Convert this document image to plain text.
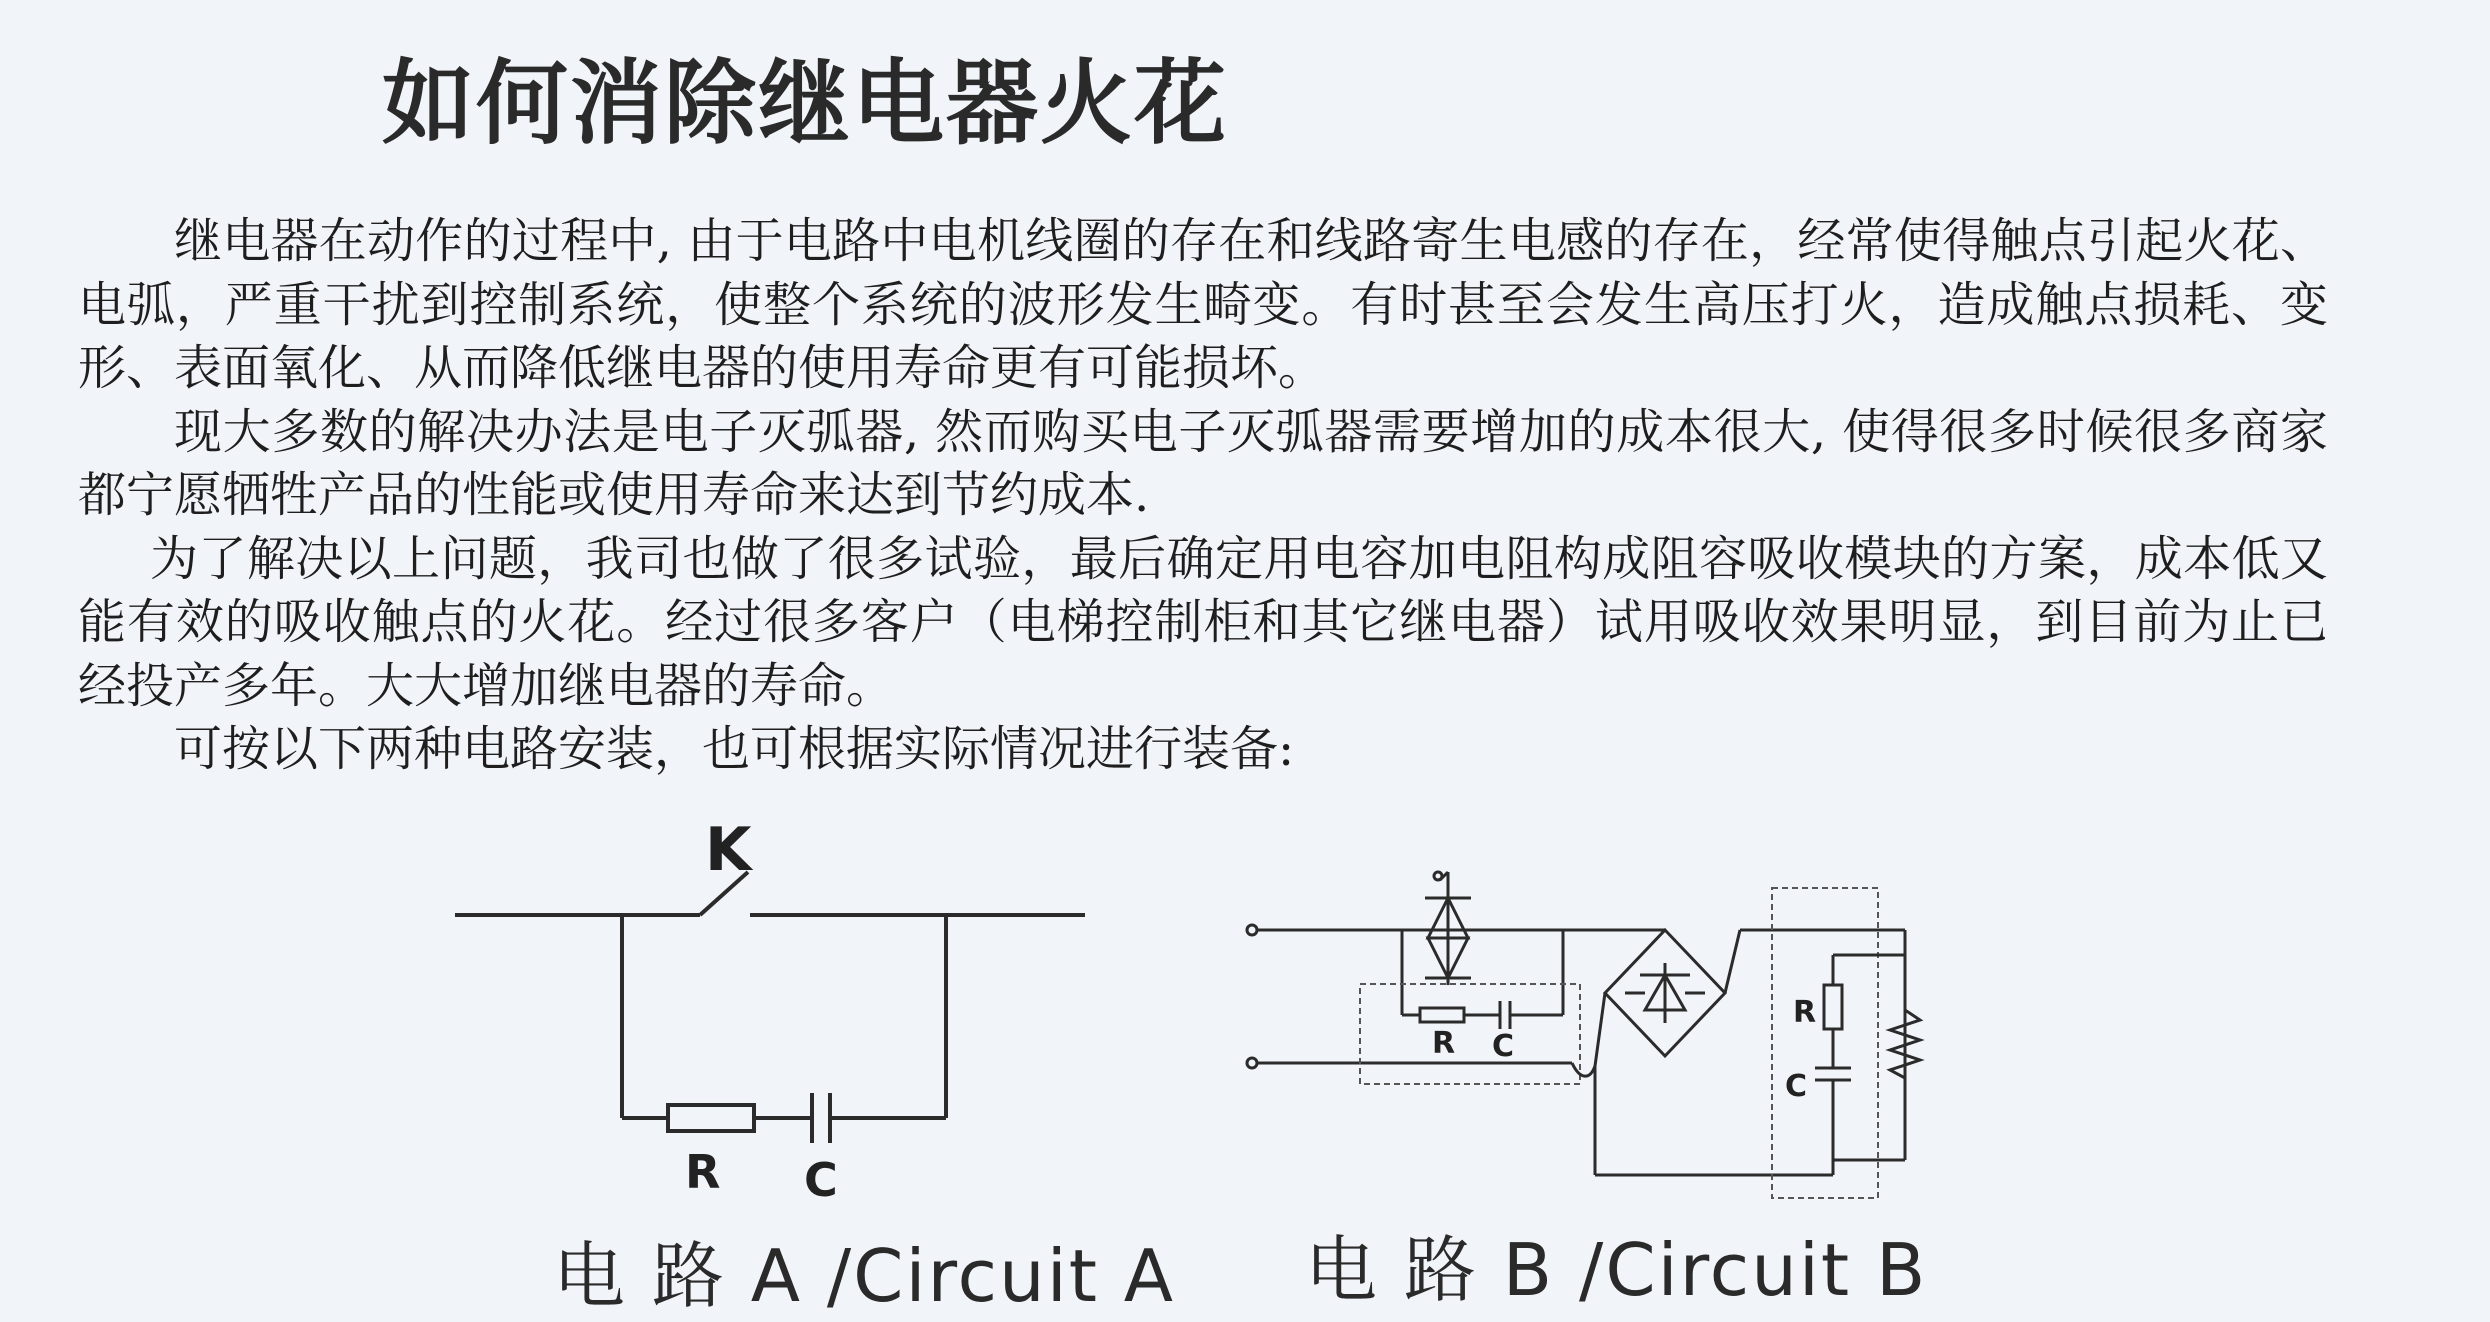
如何消除继电器火花

继电器在动作的过程中, 由于电路中电机线圈的存在和线路寄生电感的存在，经常使得触点引起火花、电弧，严重干扰到控制系统，使整个系统的波形发生畸变。有时甚至会发生高压打火，造成触点损耗、变形、表面氧化、从而降低继电器的使用寿命更有可能损坏。

现大多数的解决办法是电子灭弧器, 然而购买电子灭弧器需要增加的成本很大, 使得很多时候很多商家都宁愿牺牲产品的性能或使用寿命来达到节约成本.

为了解决以上问题，我司也做了很多试验，最后确定用电容加电阻构成阻容吸收模块的方案，成本低又能有效的吸收触点的火花。经过很多客户（电梯控制柜和其它继电器）试用吸收效果明显，到目前为止已经投产多年。大大增加继电器的寿命。

可按以下两种电路安装，也可根据实际情况进行装备:

K
R C
R C
R
C
电 路 A /Circuit A 电 路 B /Circuit B
